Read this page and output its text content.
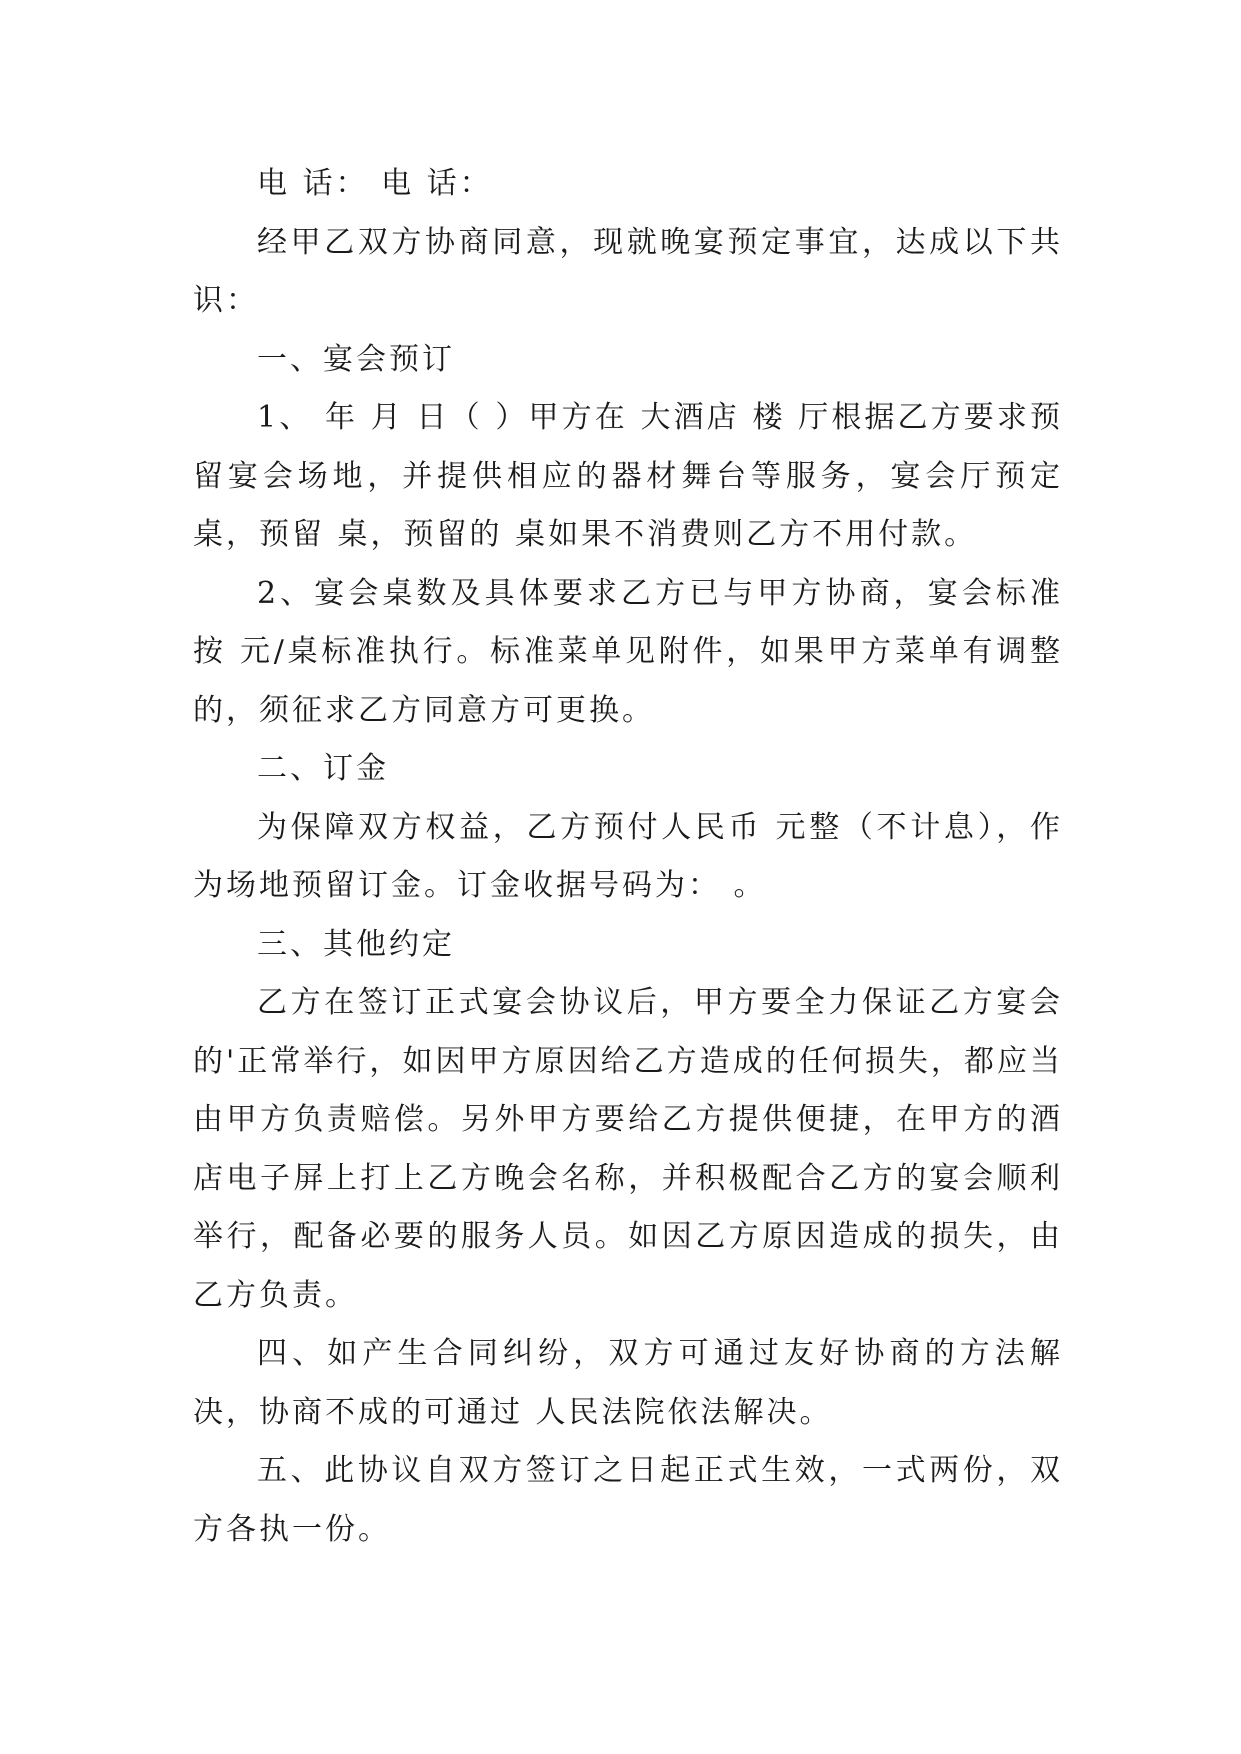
电 话： 电 话：

经甲乙双方协商同意，现就晚宴预定事宜，达成以下共识：

一、宴会预订

1、 年 月 日（ ）甲方在 大酒店 楼 厅根据乙方要求预留宴会场地，并提供相应的器材舞台等服务，宴会厅预定 桌，预留 桌，预留的 桌如果不消费则乙方不用付款。

2、宴会桌数及具体要求乙方已与甲方协商，宴会标准按 元/桌标准执行。标准菜单见附件，如果甲方菜单有调整的，须征求乙方同意方可更换。

二、订金

为保障双方权益，乙方预付人民币 元整（不计息），作为场地预留订金。订金收据号码为： 。

三、其他约定

乙方在签订正式宴会协议后，甲方要全力保证乙方宴会的'正常举行，如因甲方原因给乙方造成的任何损失，都应当由甲方负责赔偿。另外甲方要给乙方提供便捷，在甲方的酒店电子屏上打上乙方晚会名称，并积极配合乙方的宴会顺利举行，配备必要的服务人员。如因乙方原因造成的损失，由乙方负责。

四、如产生合同纠纷，双方可通过友好协商的方法解决，协商不成的可通过 人民法院依法解决。

五、此协议自双方签订之日起正式生效，一式两份，双方各执一份。
